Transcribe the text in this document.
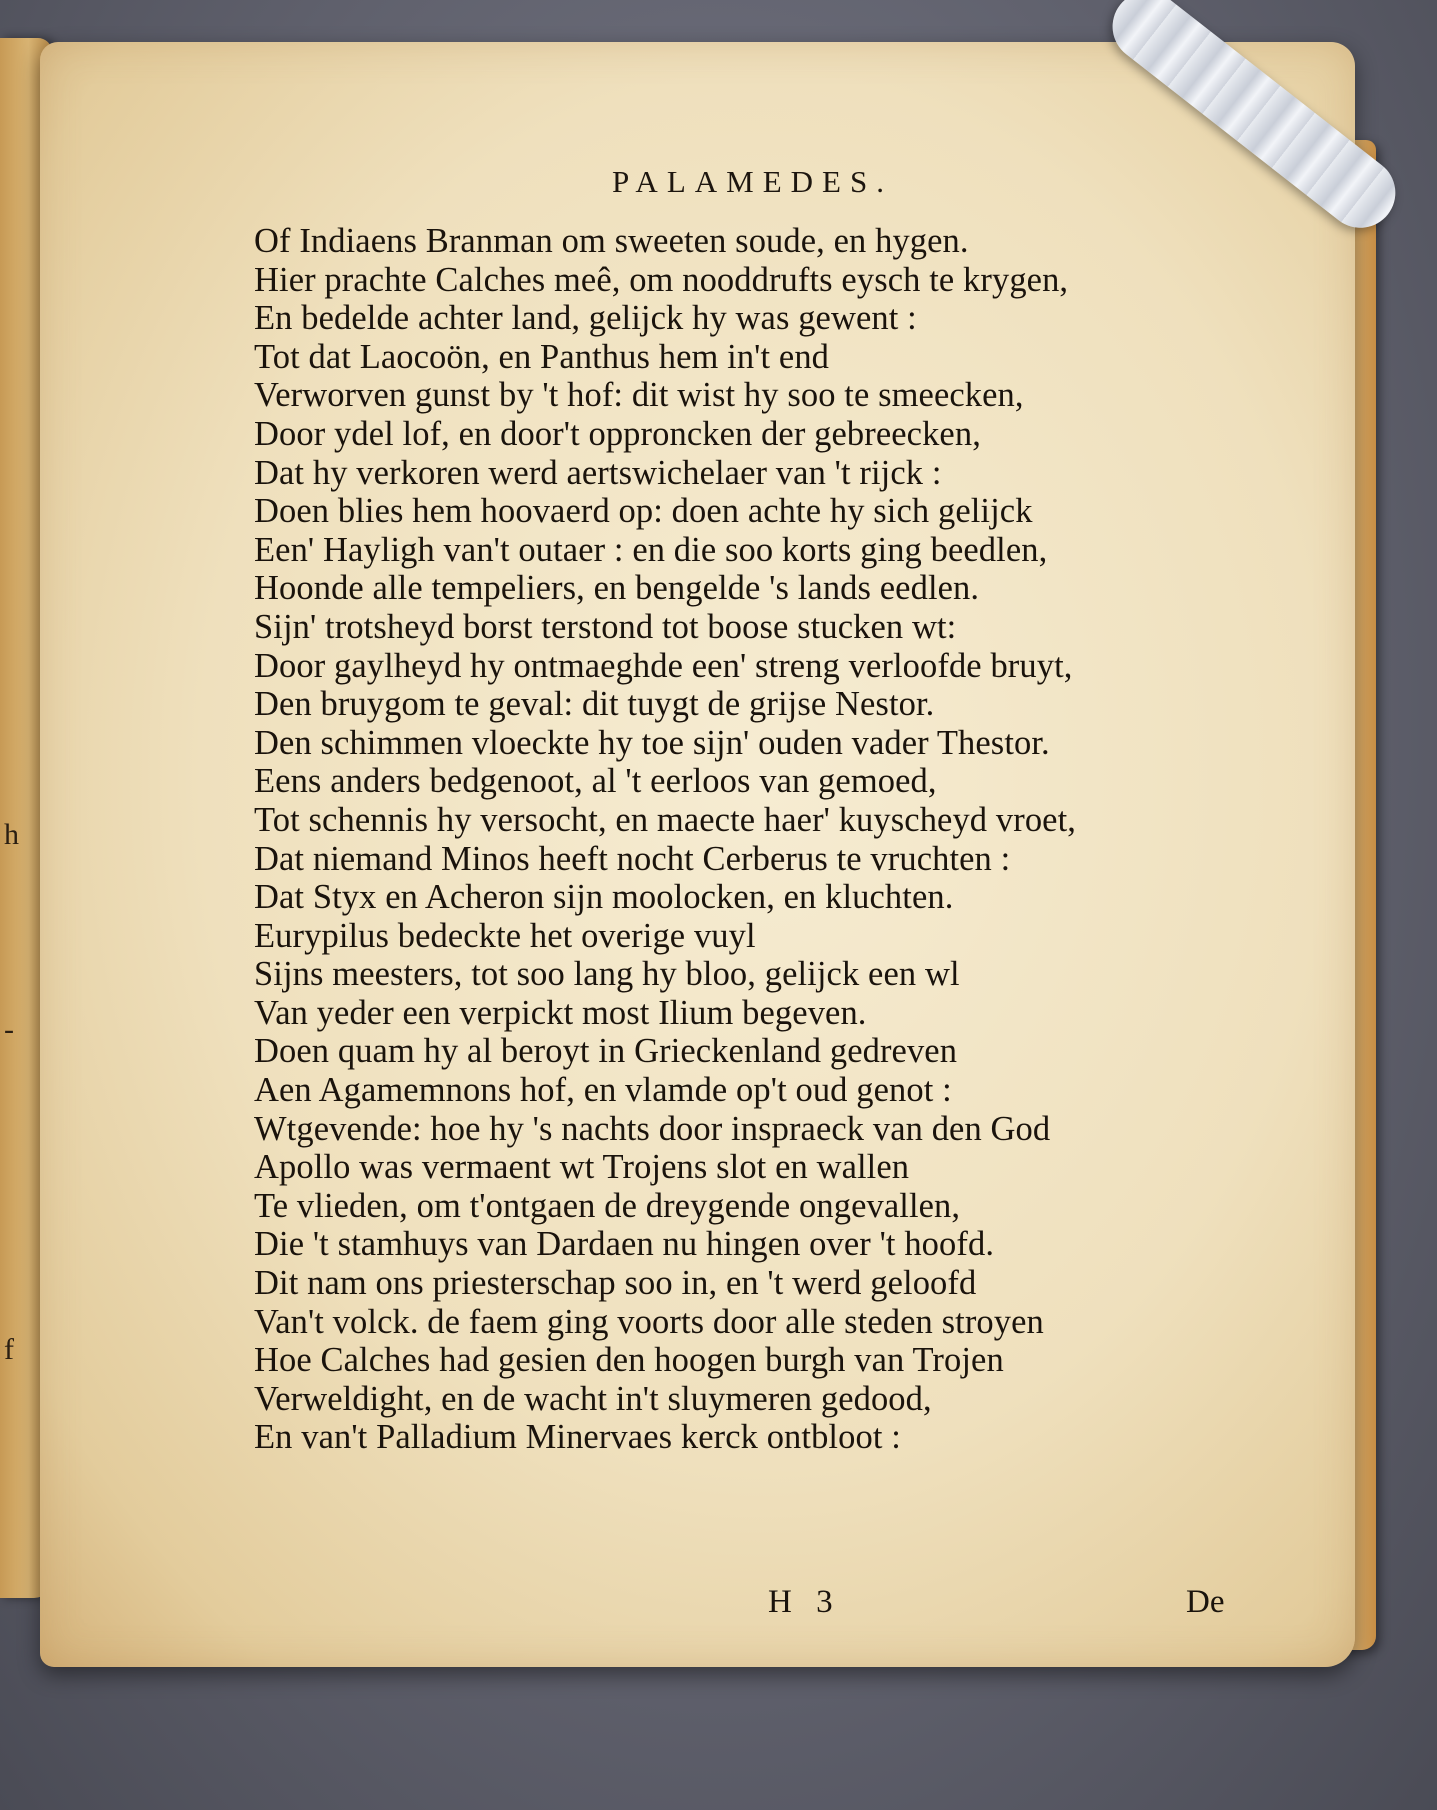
h
-
f
PALAMEDES.
Of Indiaens Branman om sweeten soude, en hygen.
Hier prachte Calches meê, om nooddrufts eysch te krygen,
En bedelde achter land, gelijck hy was gewent :
Tot dat Laocoön, en Panthus hem in't end
Verworven gunst by 't hof: dit wist hy soo te smeecken,
Door ydel lof, en door't opproncken der gebreecken,
Dat hy verkoren werd aertswichelaer van 't rijck :
Doen blies hem hoovaerd op: doen achte hy sich gelijck
Een' Hayligh van't outaer : en die soo korts ging beedlen,
Hoonde alle tempeliers, en bengelde 's lands eedlen.
Sijn' trotsheyd borst terstond tot boose stucken wt:
Door gaylheyd hy ontmaeghde een' streng verloofde bruyt,
Den bruygom te geval: dit tuygt de grijse Nestor.
Den schimmen vloeckte hy toe sijn' ouden vader Thestor.
Eens anders bedgenoot, al 't eerloos van gemoed,
Tot schennis hy versocht, en maecte haer' kuyscheyd vroet,
Dat niemand Minos heeft nocht Cerberus te vruchten :
Dat Styx en Acheron sijn moolocken, en kluchten.
Eurypilus bedeckte het overige vuyl
Sijns meesters, tot soo lang hy bloo, gelijck een wl
Van yeder een verpickt most Ilium begeven.
Doen quam hy al beroyt in Grieckenland gedreven
Aen Agamemnons hof, en vlamde op't oud genot :
Wtgevende: hoe hy 's nachts door inspraeck van den God
Apollo was vermaent wt Trojens slot en wallen
Te vlieden, om t'ontgaen de dreygende ongevallen,
Die 't stamhuys van Dardaen nu hingen over 't hoofd.
Dit nam ons priesterschap soo in, en 't werd geloofd
Van't volck. de faem ging voorts door alle steden stroyen
Hoe Calches had gesien den hoogen burgh van Trojen
Verweldight, en de wacht in't sluymeren gedood,
En van't Palladium Minervaes kerck ontbloot :
H 3	De
